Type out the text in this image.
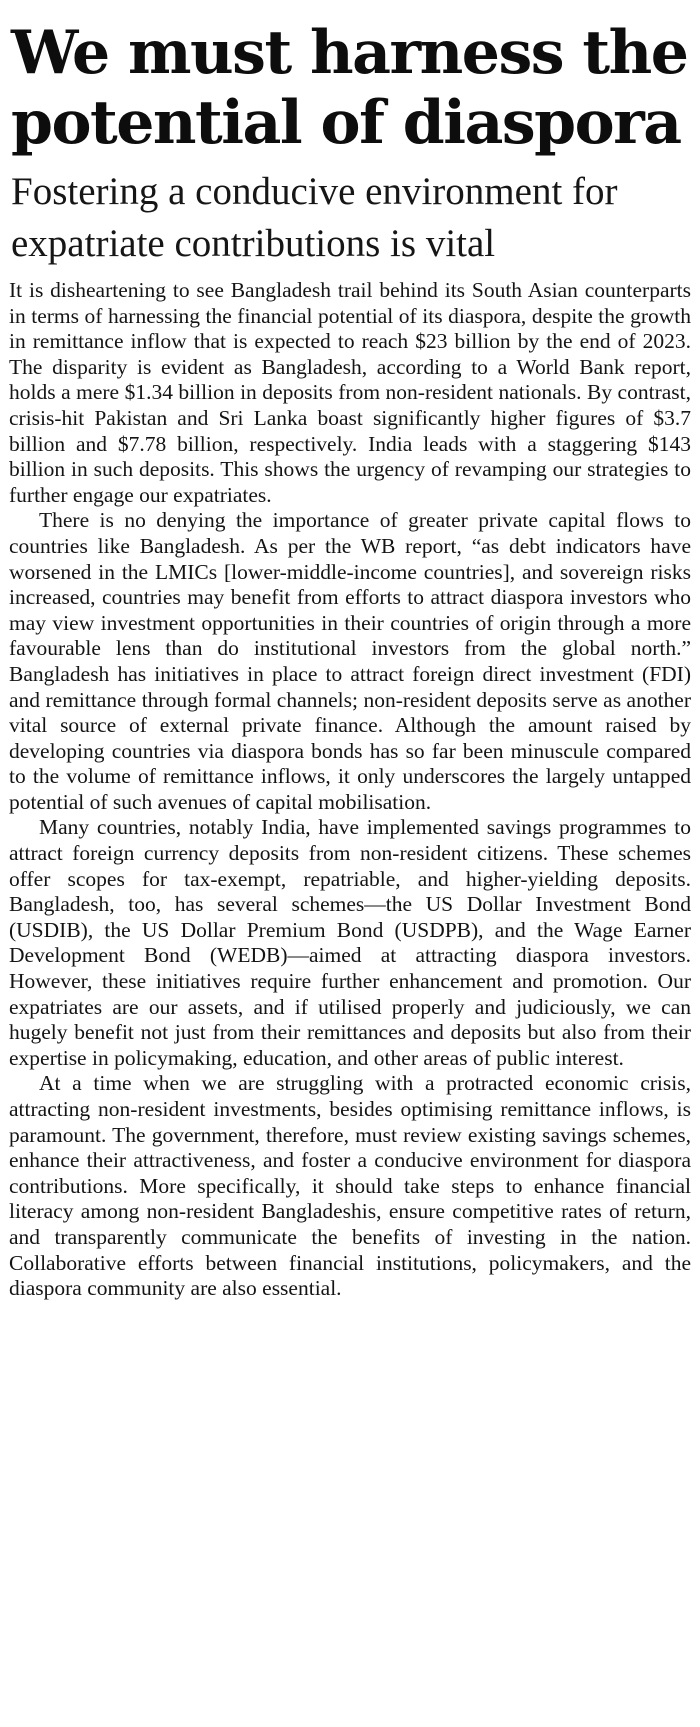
We must harness the potential of diaspora
Fostering a conducive environment for expatriate contributions is vital

It is disheartening to see Bangladesh trail behind its South Asian counterparts in terms of harnessing the financial potential of its diaspora, despite the growth in remittance inflow that is expected to reach $23 billion by the end of 2023. The disparity is evident as Bangladesh, according to a World Bank report, holds a mere $1.34 billion in deposits from non-resident nationals. By contrast, crisis-hit Pakistan and Sri Lanka boast significantly higher figures of $3.7 billion and $7.78 billion, respectively. India leads with a staggering $143 billion in such deposits. This shows the urgency of revamping our strategies to further engage our expatriates.

There is no denying the importance of greater private capital flows to countries like Bangladesh. As per the WB report, “as debt indicators have worsened in the LMICs [lower-middle-income countries], and sovereign risks increased, countries may benefit from efforts to attract diaspora investors who may view investment opportunities in their countries of origin through a more favourable lens than do institutional investors from the global north.” Bangladesh has initiatives in place to attract foreign direct investment (FDI) and remittance through formal channels; non-resident deposits serve as another vital source of external private finance. Although the amount raised by developing countries via diaspora bonds has so far been minuscule compared to the volume of remittance inflows, it only underscores the largely untapped potential of such avenues of capital mobilisation.

Many countries, notably India, have implemented savings programmes to attract foreign currency deposits from non-resident citizens. These schemes offer scopes for tax-exempt, repatriable, and higher-yielding deposits. Bangladesh, too, has several schemes—the US Dollar Investment Bond (USDIB), the US Dollar Premium Bond (USDPB), and the Wage Earner Development Bond (WEDB)—aimed at attracting diaspora investors. However, these initiatives require further enhancement and promotion. Our expatriates are our assets, and if utilised properly and judiciously, we can hugely benefit not just from their remittances and deposits but also from their expertise in policymaking, education, and other areas of public interest.

At a time when we are struggling with a protracted economic crisis, attracting non-resident investments, besides optimising remittance inflows, is paramount. The government, therefore, must review existing savings schemes, enhance their attractiveness, and foster a conducive environment for diaspora contributions. More specifically, it should take steps to enhance financial literacy among non-resident Bangladeshis, ensure competitive rates of return, and transparently communicate the benefits of investing in the nation. Collaborative efforts between financial institutions, policymakers, and the diaspora community are also essential.
